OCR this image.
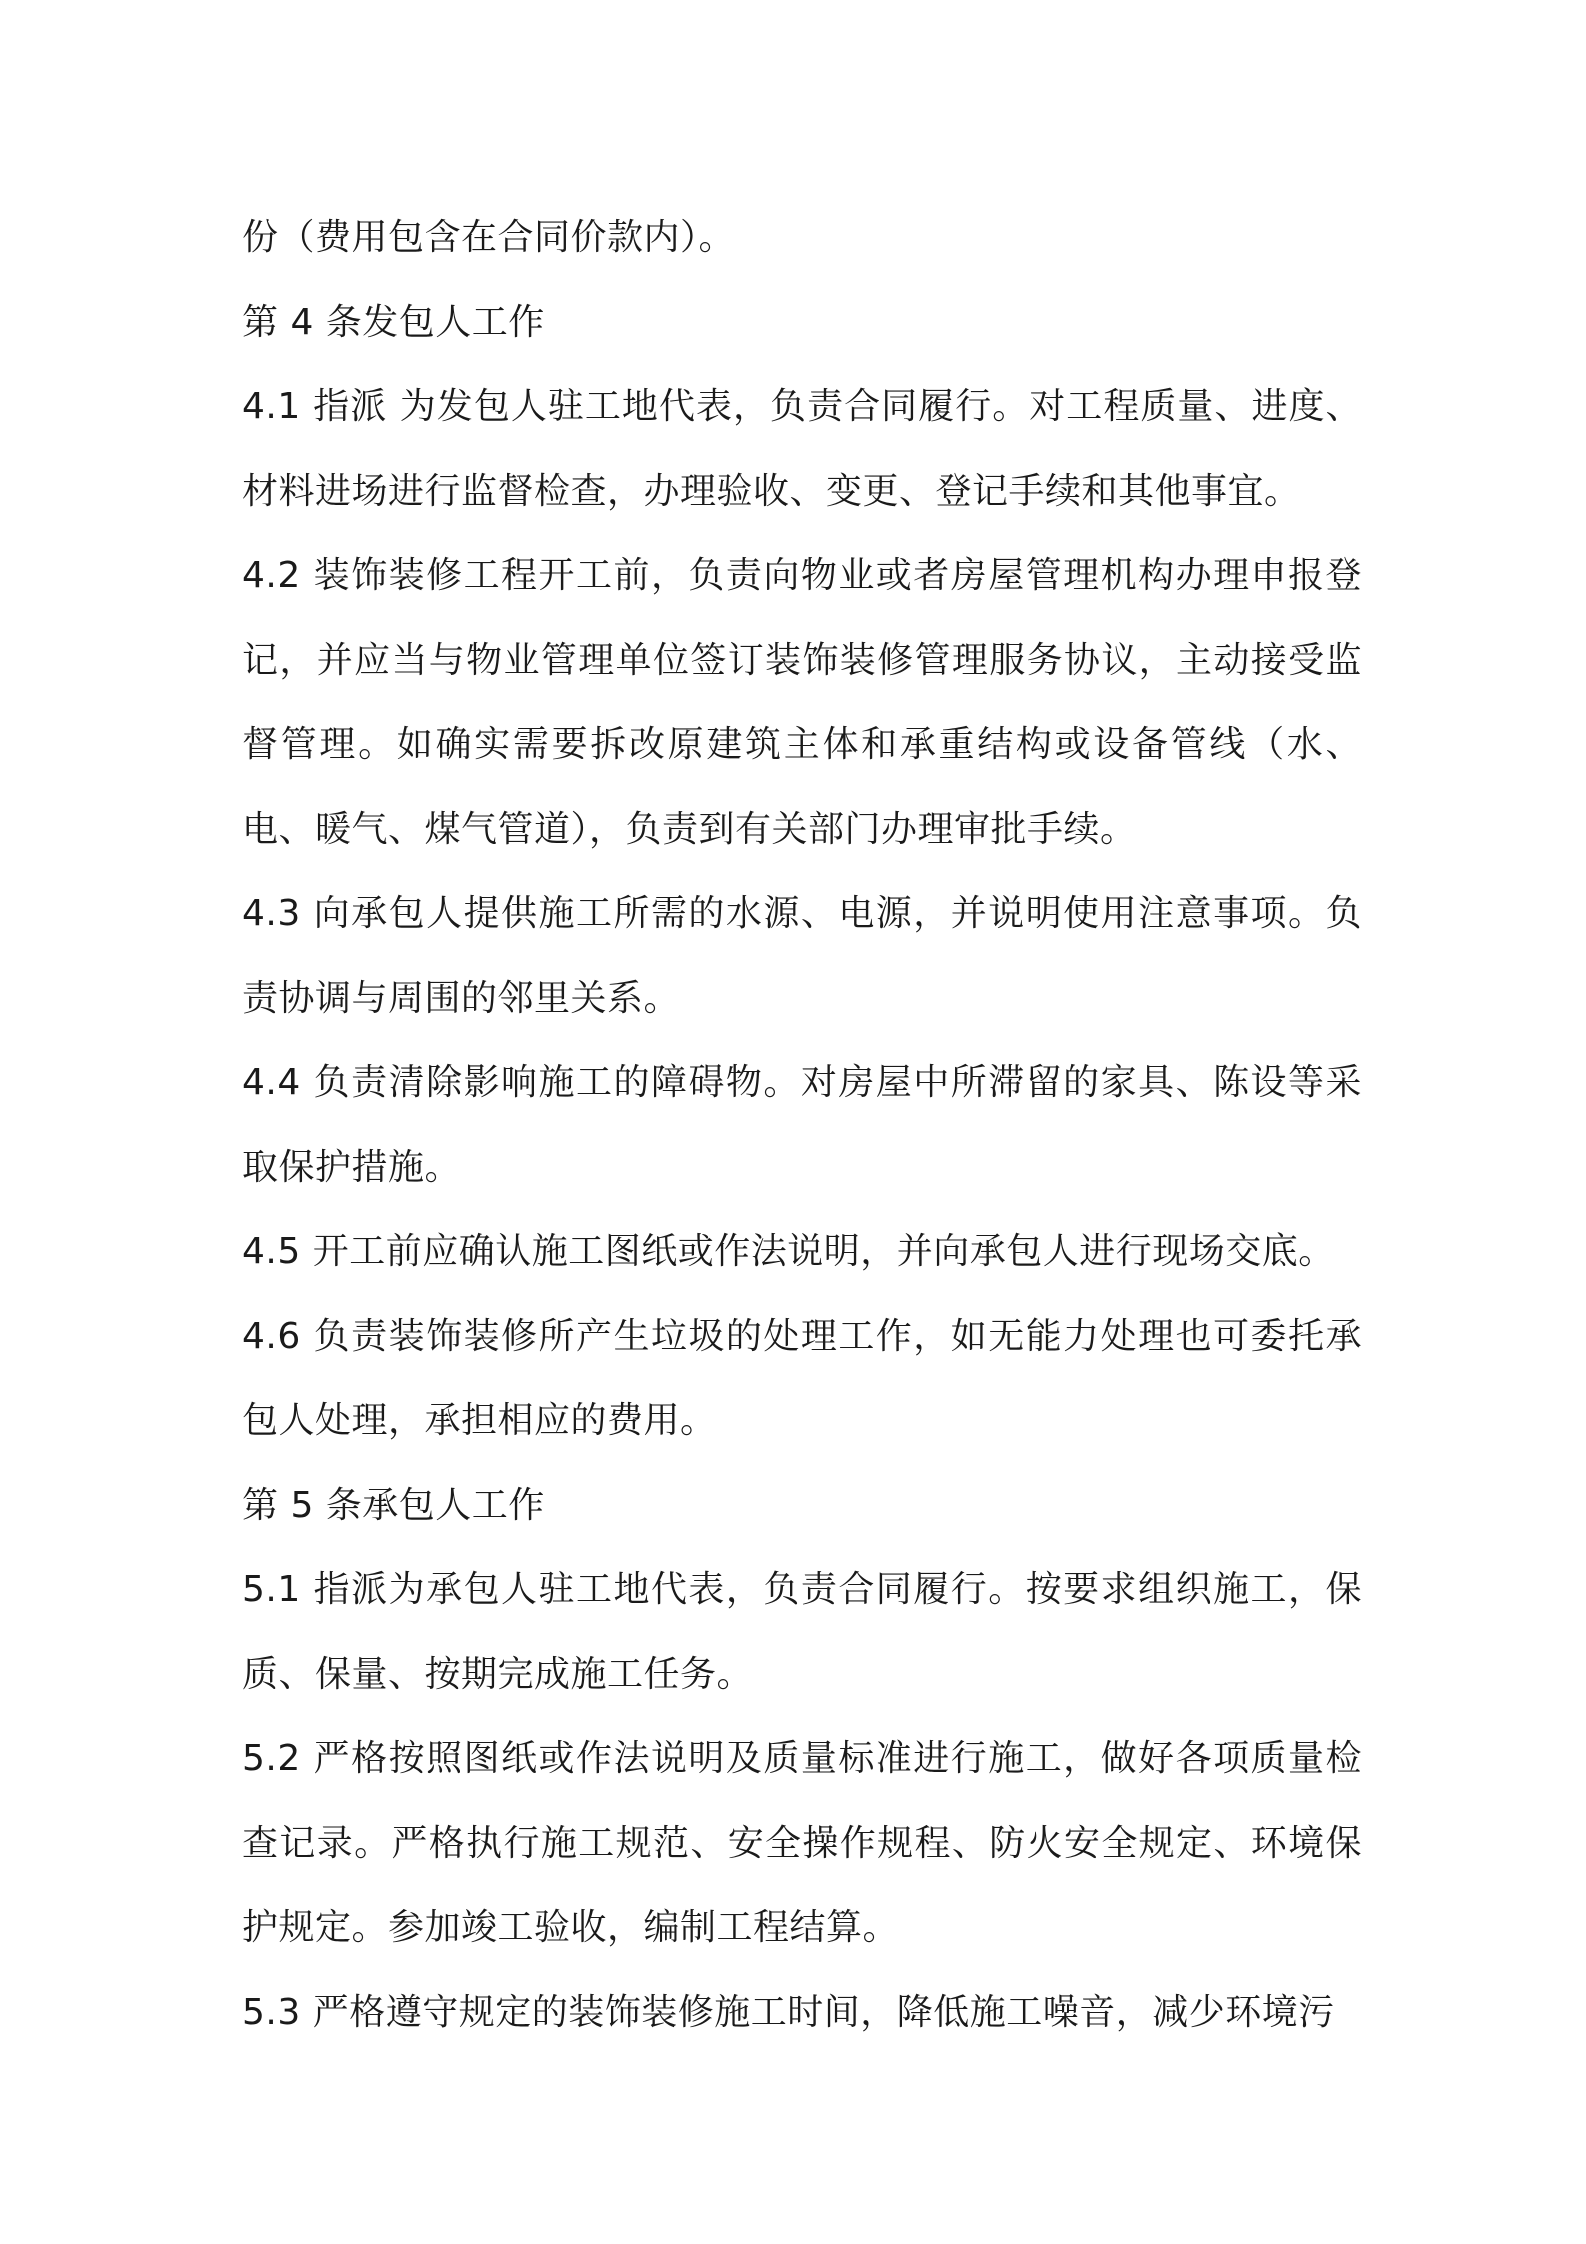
份（费用包含在合同价款内）。

第 4 条发包人工作

4.1 指派 为发包人驻工地代表，负责合同履行。对工程质量、进度、材料进场进行监督检查，办理验收、变更、登记手续和其他事宜。

4.2 装饰装修工程开工前，负责向物业或者房屋管理机构办理申报登记，并应当与物业管理单位签订装饰装修管理服务协议，主动接受监督管理。如确实需要拆改原建筑主体和承重结构或设备管线（水、电、暖气、煤气管道），负责到有关部门办理审批手续。

4.3 向承包人提供施工所需的水源、电源，并说明使用注意事项。负责协调与周围的邻里关系。

4.4 负责清除影响施工的障碍物。对房屋中所滞留的家具、陈设等采取保护措施。

4.5 开工前应确认施工图纸或作法说明，并向承包人进行现场交底。

4.6 负责装饰装修所产生垃圾的处理工作，如无能力处理也可委托承包人处理，承担相应的费用。

第 5 条承包人工作

5.1 指派为承包人驻工地代表，负责合同履行。按要求组织施工，保质、保量、按期完成施工任务。

5.2 严格按照图纸或作法说明及质量标准进行施工，做好各项质量检查记录。严格执行施工规范、安全操作规程、防火安全规定、环境保护规定。参加竣工验收，编制工程结算。

5.3 严格遵守规定的装饰装修施工时间，降低施工噪音，减少环境污
